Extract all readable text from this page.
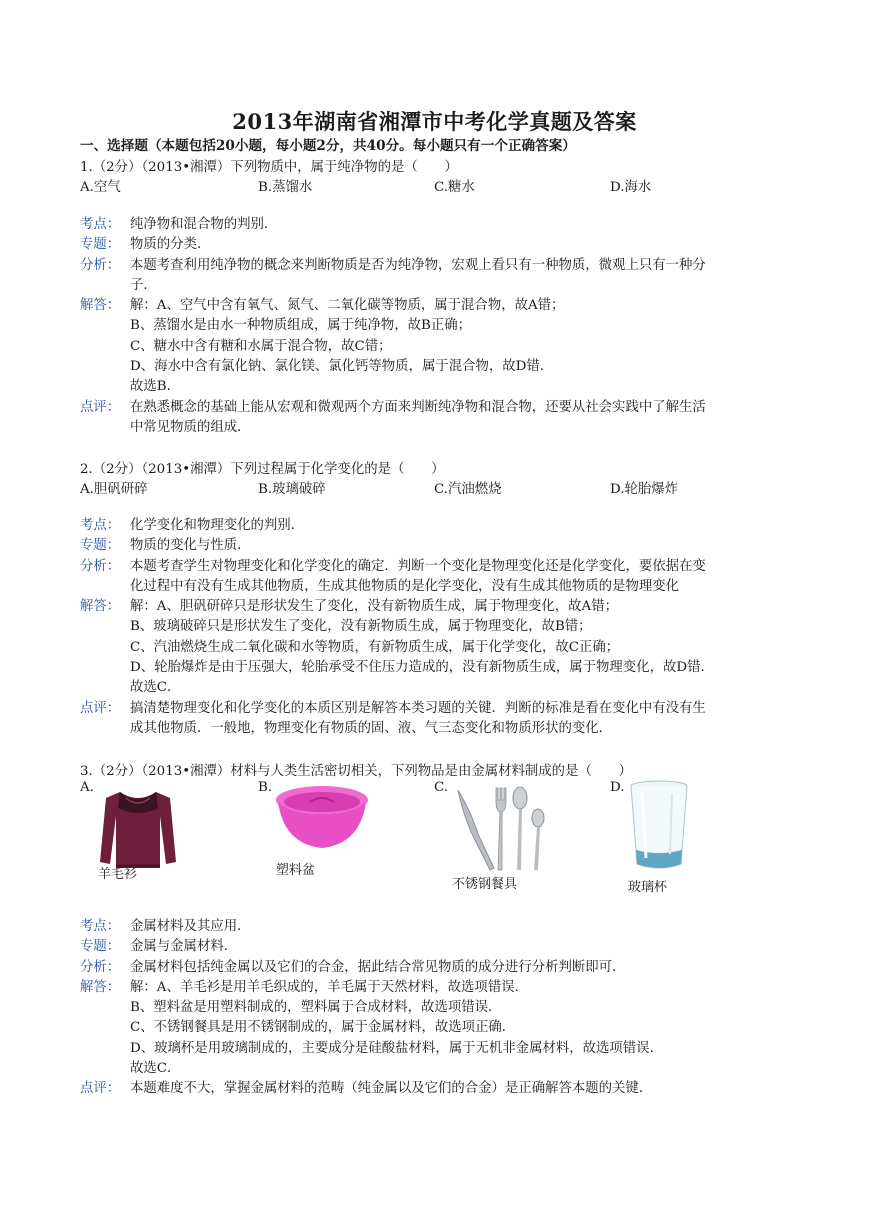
2013年湖南省湘潭市中考化学真题及答案
一、选择题（本题包括20小题，每小题2分，共40分。每小题只有一个正确答案）
1.（2分）（2013•湘潭）下列物质中，属于纯净物的是（　　）
A.空气	B.蒸馏水	C.糖水	D.海水
考点： 纯净物和混合物的判别．
专题： 物质的分类．
分析： 本题考查利用纯净物的概念来判断物质是否为纯净物，宏观上看只有一种物质，微观上只有一种分
子．
解答： 解：A、空气中含有氧气、氮气、二氧化碳等物质，属于混合物，故A错；
B、蒸馏水是由水一种物质组成，属于纯净物，故B正确；
C、糖水中含有糖和水属于混合物，故C错；
D、海水中含有氯化钠、氯化镁、氯化钙等物质，属于混合物，故D错．
故选B．
点评： 在熟悉概念的基础上能从宏观和微观两个方面来判断纯净物和混合物，还要从社会实践中了解生活
中常见物质的组成．
2.（2分）（2013•湘潭）下列过程属于化学变化的是（　　）
A.胆矾研碎	B.玻璃破碎	C.汽油燃烧	D.轮胎爆炸
考点： 化学变化和物理变化的判别．
专题： 物质的变化与性质．
分析： 本题考查学生对物理变化和化学变化的确定．判断一个变化是物理变化还是化学变化，要依据在变
化过程中有没有生成其他物质，生成其他物质的是化学变化，没有生成其他物质的是物理变化
解答： 解：A、胆矾研碎只是形状发生了变化，没有新物质生成，属于物理变化，故A错；
B、玻璃破碎只是形状发生了变化，没有新物质生成，属于物理变化，故B错；
C、汽油燃烧生成二氧化碳和水等物质，有新物质生成，属于化学变化，故C正确；
D、轮胎爆炸是由于压强大，轮胎承受不住压力造成的，没有新物质生成，属于物理变化，故D错．
故选C．
点评： 搞清楚物理变化和化学变化的本质区别是解答本类习题的关键．判断的标准是看在变化中有没有生
成其他物质．一般地，物理变化有物质的固、液、气三态变化和物质形状的变化．
3.（2分）（2013•湘潭）材料与人类生活密切相关，下列物品是由金属材料制成的是（　　）
A.
羊毛衫
B.
塑料盆
C.
不锈钢餐具
D.
玻璃杯
考点： 金属材料及其应用．
专题： 金属与金属材料．
分析： 金属材料包括纯金属以及它们的合金，据此结合常见物质的成分进行分析判断即可．
解答： 解：A、羊毛衫是用羊毛织成的，羊毛属于天然材料，故选项错误．
B、塑料盆是用塑料制成的，塑料属于合成材料，故选项错误．
C、不锈钢餐具是用不锈钢制成的，属于金属材料，故选项正确．
D、玻璃杯是用玻璃制成的，主要成分是硅酸盐材料，属于无机非金属材料，故选项错误．
故选C．
点评： 本题难度不大，掌握金属材料的范畴（纯金属以及它们的合金）是正确解答本题的关键．
